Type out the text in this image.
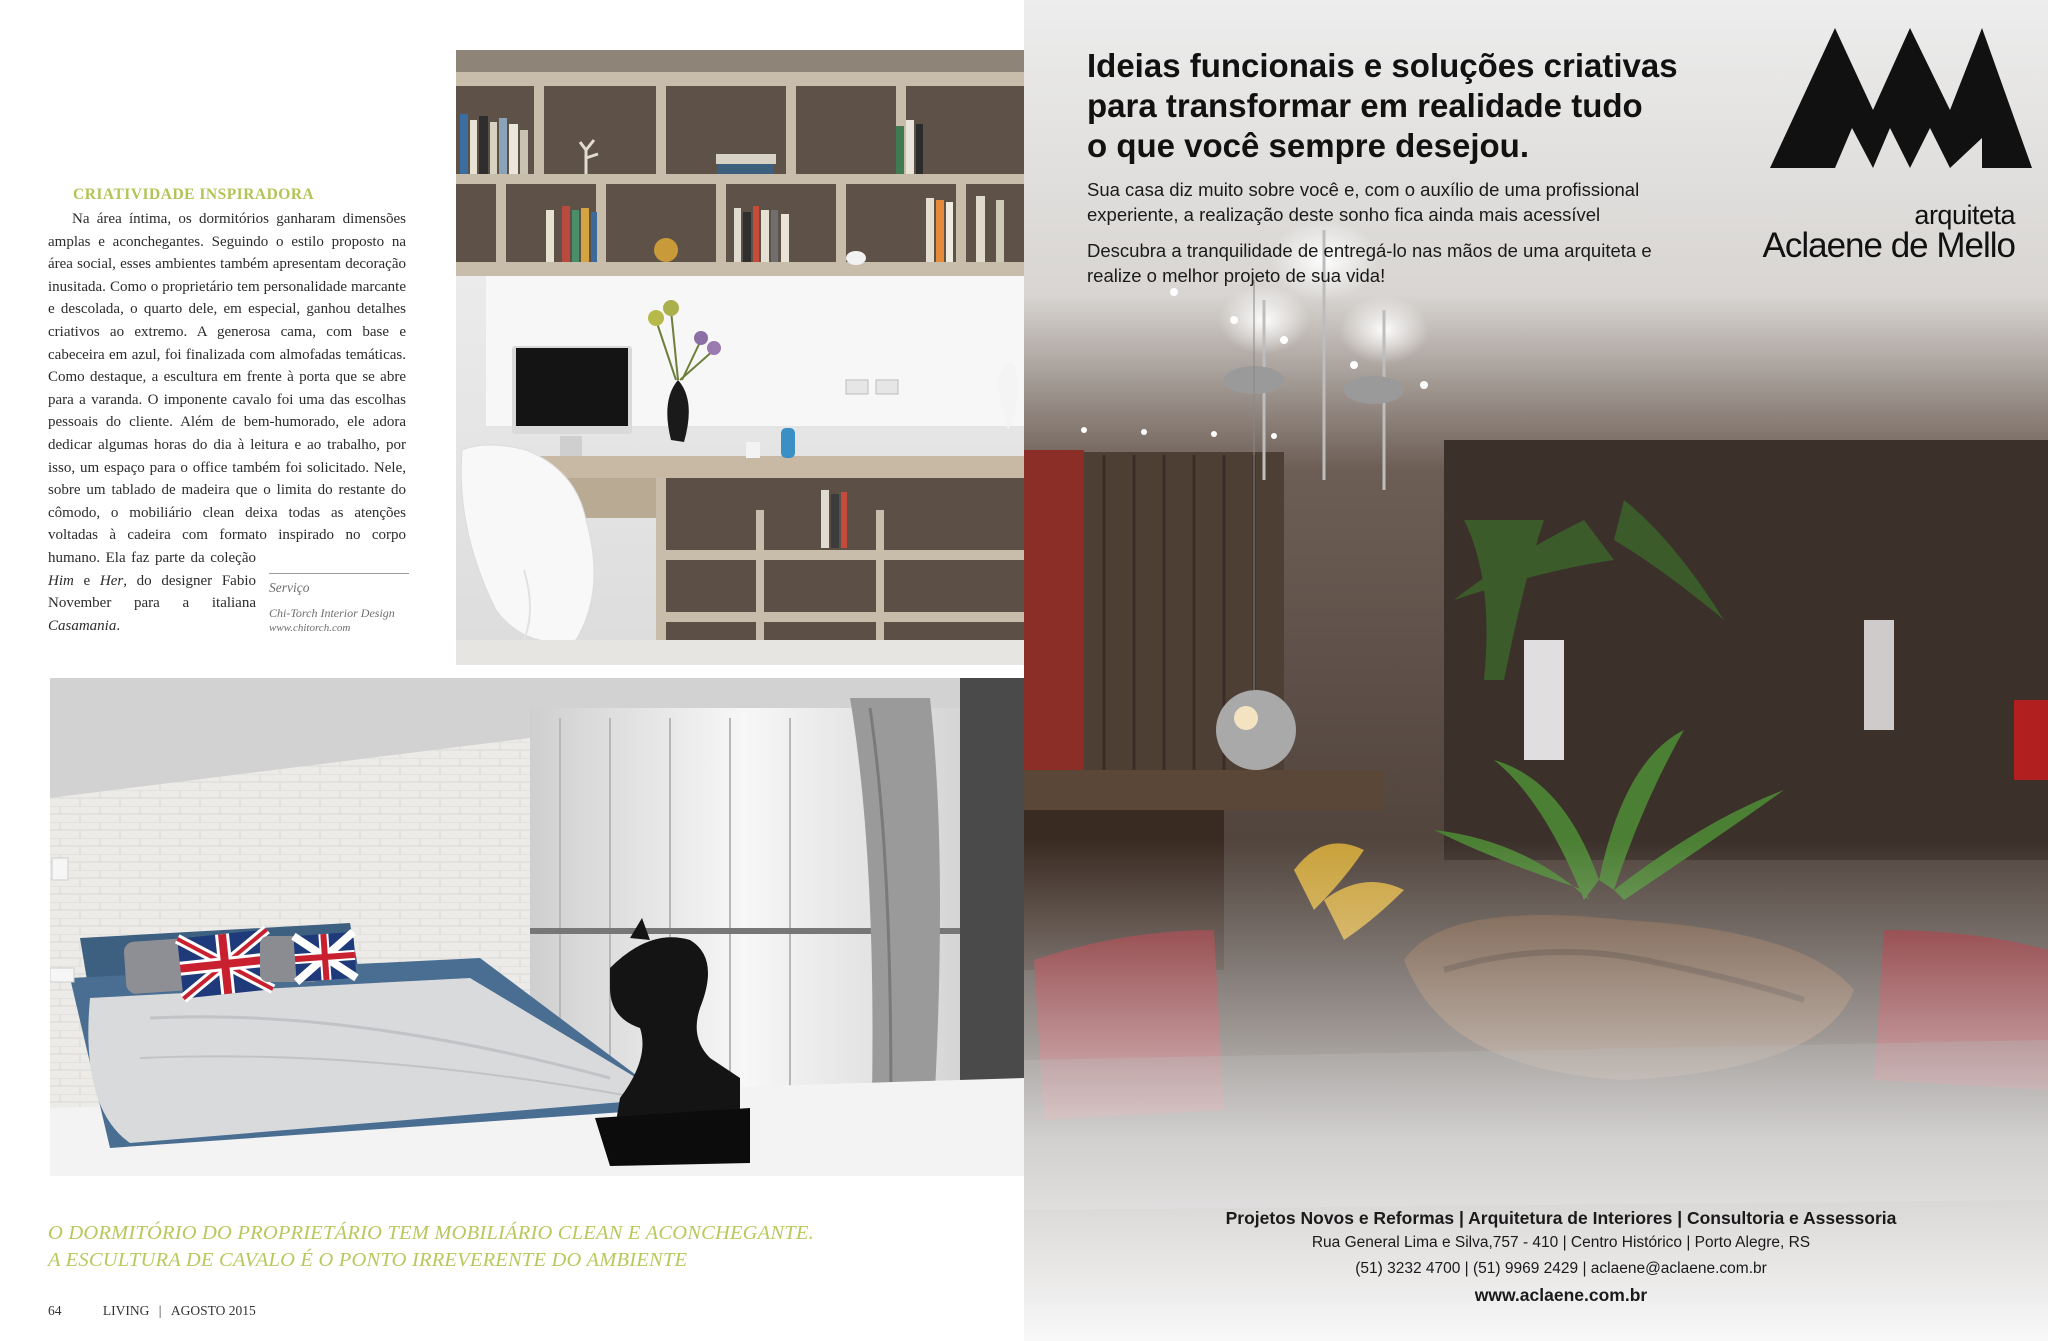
CRIATIVIDADE INSPIRADORA

Na área íntima, os dormitórios ganharam dimensões amplas e aconchegantes. Seguindo o estilo proposto na área social, esses ambientes também apresentam decoração inusitada. Como o proprietário tem personalidade marcante e descolada, o quarto dele, em especial, ganhou detalhes criativos ao extremo. A generosa cama, com base e cabeceira em azul, foi finalizada com almofadas temáticas. Como destaque, a escultura em frente à porta que se abre para a varanda. O imponente cavalo foi uma das escolhas pessoais do cliente. Além de bem-humorado, ele adora dedicar algumas horas do dia à leitura e ao trabalho, por isso, um espaço para o office também foi solicitado. Nele, sobre um tablado de madeira que o limita do restante do cômodo, o mobiliário clean deixa todas as atenções voltadas à cadeira com formato inspirado no corpo humano. Ela faz parte da coleção Him e Her, do designer Fabio November para a italiana Casamania.

Serviço
Chi-Torch Interior Design
www.chitorch.com
O DORMITÓRIO DO PROPRIETÁRIO TEM MOBILIÁRIO CLEAN E ACONCHEGANTE.
A ESCULTURA DE CAVALO É O PONTO IRREVERENTE DO AMBIENTE
64	LIVING | AGOSTO 2015
Ideias funcionais e soluções criativas
para transformar em realidade tudo
o que você sempre desejou.

Sua casa diz muito sobre você e, com o auxílio de uma profissional experiente, a realização deste sonho fica ainda mais acessível

Descubra a tranquilidade de entregá-lo nas mãos de uma arquiteta e realize o melhor projeto de sua vida!

arquiteta
Aclaene de Mello
Projetos Novos e Reformas | Arquitetura de Interiores | Consultoria e Assessoria
Rua General Lima e Silva,757 - 410 | Centro Histórico | Porto Alegre, RS
(51) 3232 4700 | (51) 9969 2429 | aclaene@aclaene.com.br
www.aclaene.com.br
